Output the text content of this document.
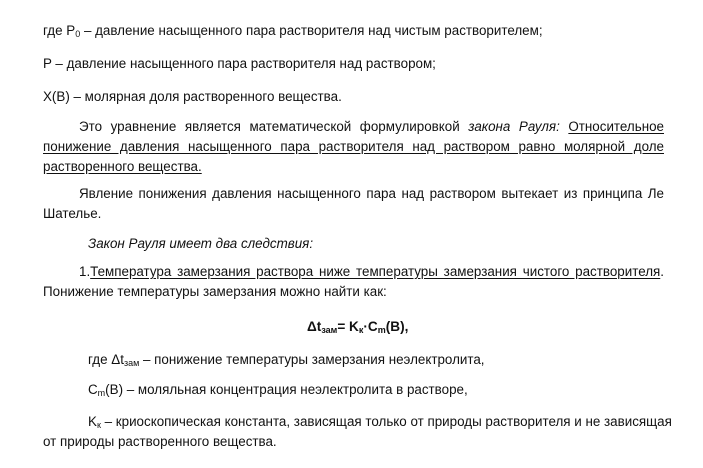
где $P_0$ – давление насыщенного пара растворителя над чистым растворителем;
P – давление насыщенного пара растворителя над раствором;
X(B) – молярная доля растворенного вещества.
Это уравнение является математической формулировкой закона Рауля: Относительное
понижение давления насыщенного пара растворителя над раствором равно молярной доле
растворенного вещества.
Явление понижения давления насыщенного пара над раствором вытекает из принципа Ле
Шателье.
Закон Рауля имеет два следствия:
1.Температура замерзания раствора ниже температуры замерзания чистого растворителя.
Понижение температуры замерзания можно найти как:
$\Delta t_{зам}= K_к\cdot C_m(B)$,
где $\Delta t_{зам}$ – понижение температуры замерзания неэлектролита,
$C_m(B)$ – моляльная концентрация неэлектролита в растворе,
$K_к$ – криоскопическая константа, зависящая только от природы растворителя и не зависящая
от природы растворенного вещества.
